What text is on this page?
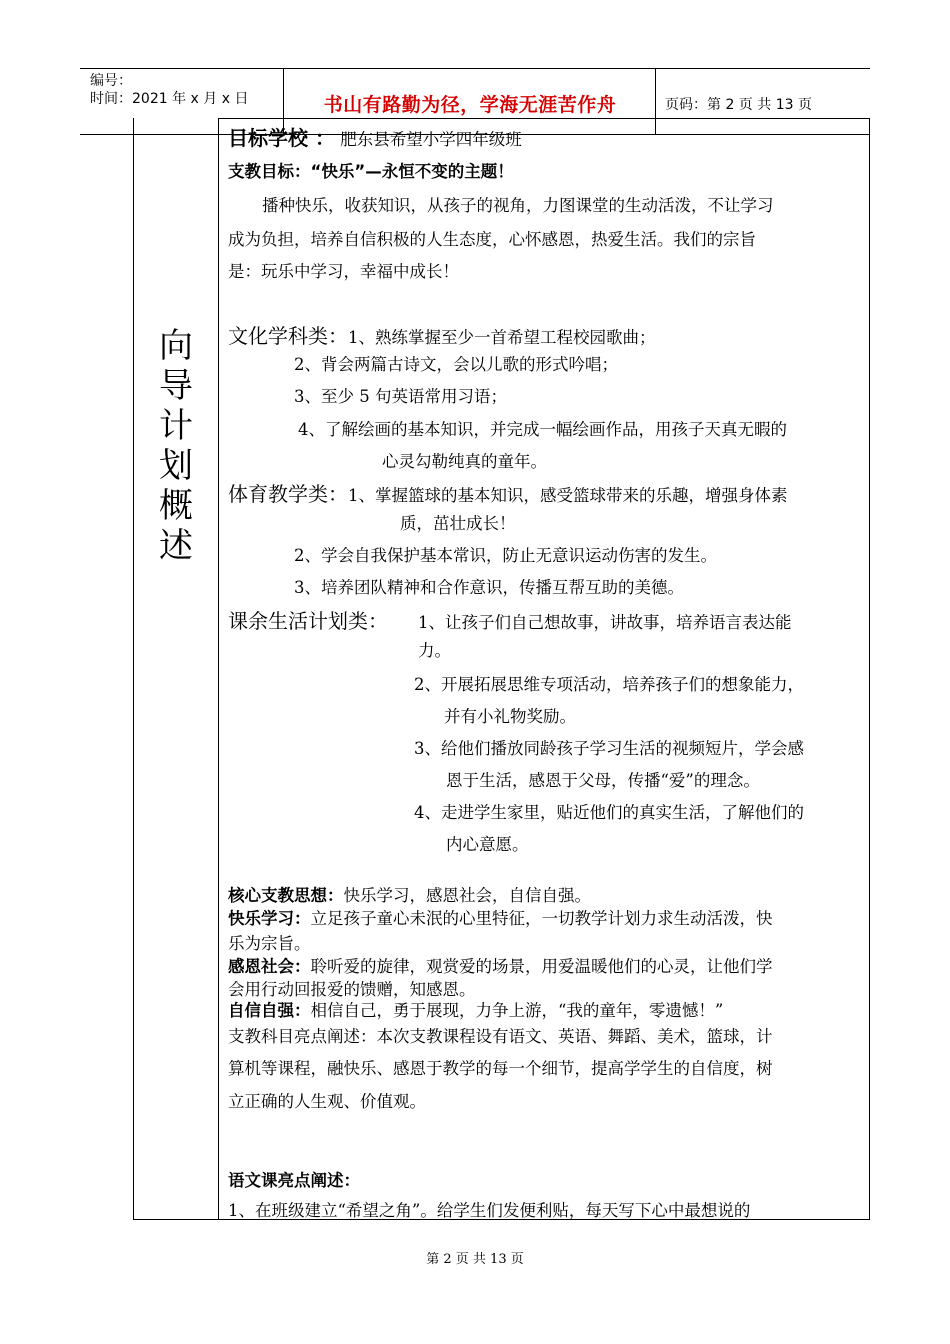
编号：
时间：2021 年 x 月 x 日	书山有路勤为径，学海无涯苦作舟	页码：第 2 页 共 13 页
向
导
计
划
概
述
目标学校 ： 肥东县希望小学四年级班
支教目标：“快乐”—永恒不变的主题！
播种快乐，收获知识，从孩子的视角，力图课堂的生动活泼，不让学习
成为负担，培养自信积极的人生态度，心怀感恩，热爱生活。我们的宗旨
是：玩乐中学习，幸福中成长！
文化学科类：1、熟练掌握至少一首希望工程校园歌曲；
2、背会两篇古诗文，会以儿歌的形式吟唱；
3、至少 5 句英语常用习语；
4、了解绘画的基本知识，并完成一幅绘画作品，用孩子天真无暇的
心灵勾勒纯真的童年。
体育教学类：1、掌握篮球的基本知识，感受篮球带来的乐趣，增强身体素
质，茁壮成长！
2、学会自我保护基本常识，防止无意识运动伤害的发生。
3、培养团队精神和合作意识，传播互帮互助的美德。
课余生活计划类： 1、让孩子们自己想故事，讲故事，培养语言表达能
力。
2、开展拓展思维专项活动，培养孩子们的想象能力，
并有小礼物奖励。
3、给他们播放同龄孩子学习生活的视频短片，学会感
恩于生活，感恩于父母，传播“爱”的理念。
4、走进学生家里，贴近他们的真实生活，了解他们的
内心意愿。
核心支教思想：快乐学习，感恩社会，自信自强。
快乐学习：立足孩子童心未泯的心里特征，一切教学计划力求生动活泼，快
乐为宗旨。
感恩社会：聆听爱的旋律，观赏爱的场景，用爱温暖他们的心灵，让他们学
会用行动回报爱的馈赠，知感恩。
自信自强：相信自己，勇于展现，力争上游，“我的童年，零遗憾！”
支教科目亮点阐述：本次支教课程设有语文、英语、舞蹈、美术，篮球，计
算机等课程，融快乐、感恩于教学的每一个细节，提高学学生的自信度，树
立正确的人生观、价值观。
语文课亮点阐述：
1、在班级建立“希望之角”。给学生们发便利贴，每天写下心中最想说的
第 2 页 共 13 页
